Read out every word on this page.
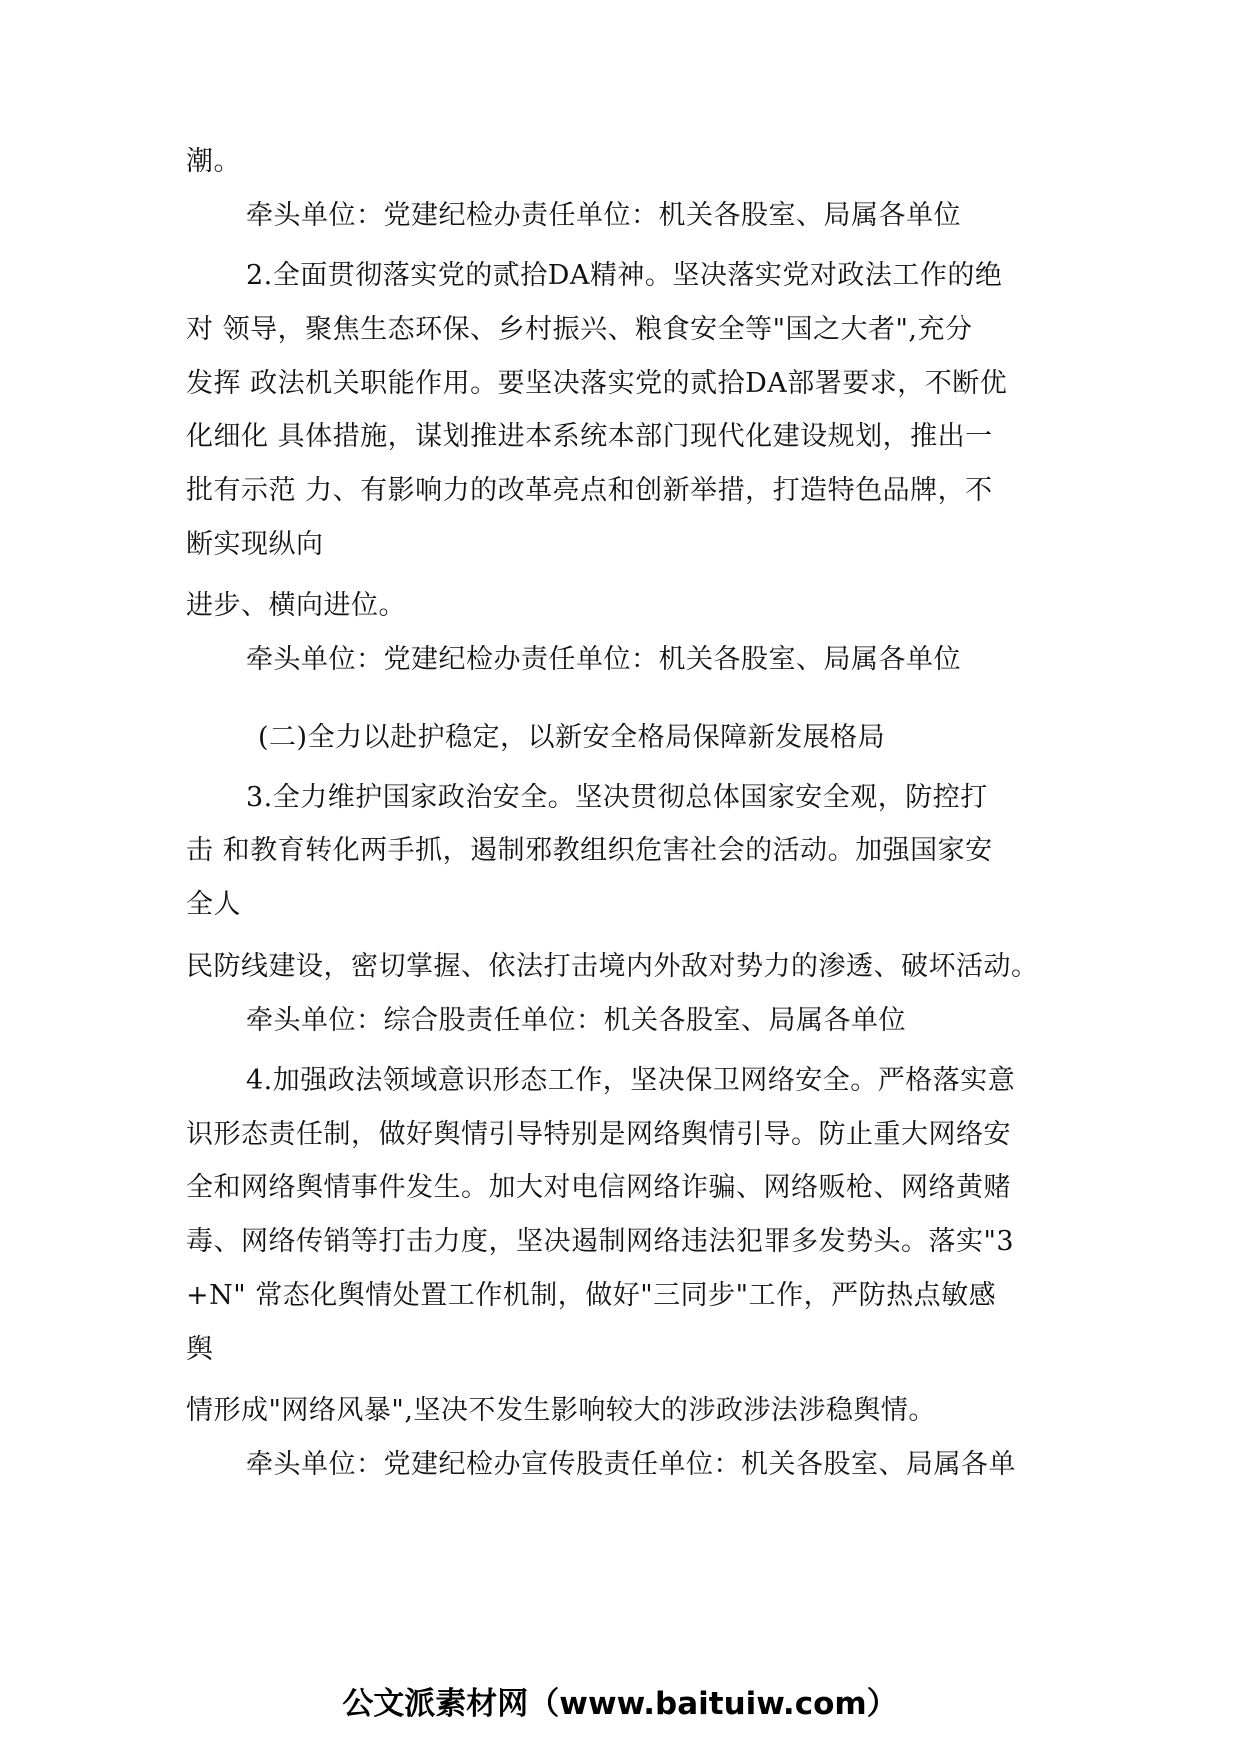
潮。
牵头单位：党建纪检办责任单位：机关各股室、局属各单位
2.全面贯彻落实党的贰拾DA精神。坚决落实党对政法工作的绝
对 领导，聚焦生态环保、乡村振兴、粮食安全等"国之大者",充分
发挥 政法机关职能作用。要坚决落实党的贰拾DA部署要求，不断优
化细化 具体措施，谋划推进本系统本部门现代化建设规划，推出一
批有示范 力、有影响力的改革亮点和创新举措，打造特色品牌，不
断实现纵向
进步、横向进位。
牵头单位：党建纪检办责任单位：机关各股室、局属各单位
(二)全力以赴护稳定，以新安全格局保障新发展格局
3.全力维护国家政治安全。坚决贯彻总体国家安全观，防控打
击 和教育转化两手抓，遏制邪教组织危害社会的活动。加强国家安
全人
民防线建设，密切掌握、依法打击境内外敌对势力的渗透、破坏活动。
牵头单位：综合股责任单位：机关各股室、局属各单位
4.加强政法领域意识形态工作，坚决保卫网络安全。严格落实意
识形态责任制，做好舆情引导特别是网络舆情引导。防止重大网络安
全和网络舆情事件发生。加大对电信网络诈骗、网络贩枪、网络黄赌
毒、网络传销等打击力度，坚决遏制网络违法犯罪多发势头。落实"3
+N" 常态化舆情处置工作机制，做好"三同步"工作，严防热点敏感
舆
情形成"网络风暴",坚决不发生影响较大的涉政涉法涉稳舆情。
牵头单位：党建纪检办宣传股责任单位：机关各股室、局属各单
公文派素材网（www.baituiw.com）
